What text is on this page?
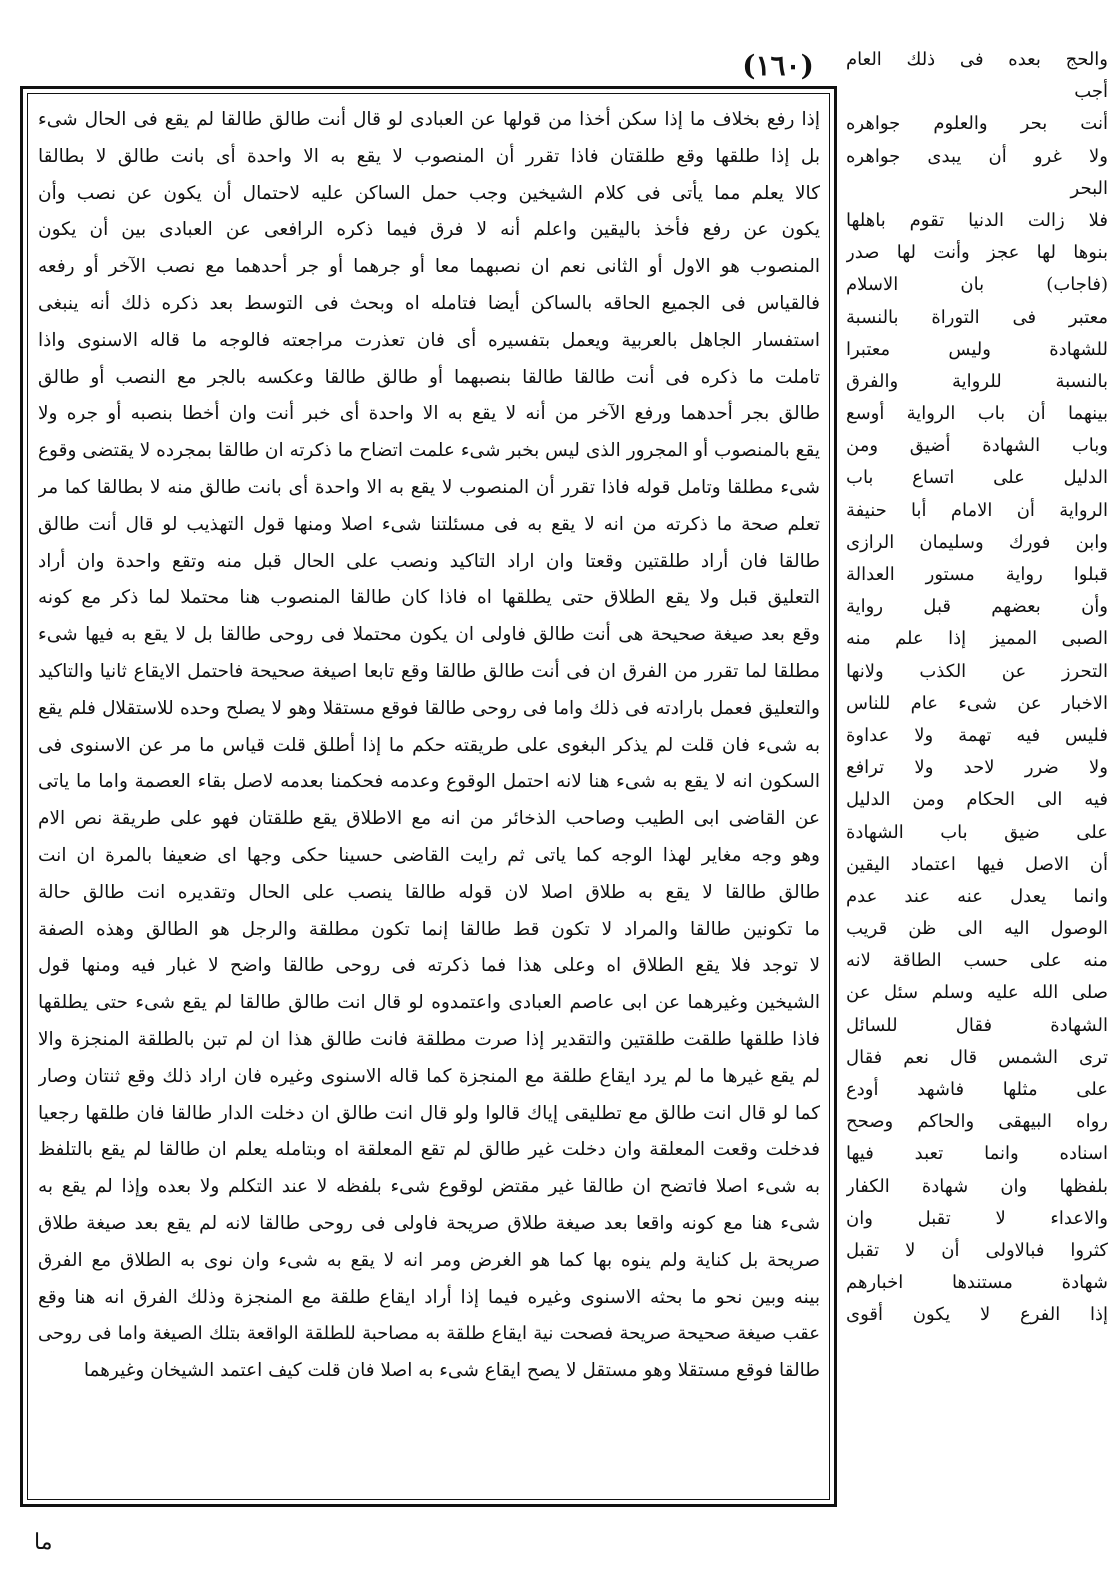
(١٦٠)
إذا رفع بخلاف ما إذا سكن أخذا من قولها عن العبادى لو قال أنت طالق طالقا لم يقع فى الحال شىء
بل إذا طلقها وقع طلقتان فاذا تقرر أن المنصوب لا يقع به الا واحدة أى بانت طالق لا بطالقا
كالا يعلم مما يأتى فى كلام الشيخين وجب حمل الساكن عليه لاحتمال أن يكون عن نصب وأن
يكون عن رفع فأخذ باليقين واعلم أنه لا فرق فيما ذكره الرافعى عن العبادى بين أن يكون
المنصوب هو الاول أو الثانى نعم ان نصبهما معا أو جرهما أو جر أحدهما مع نصب الآخر أو رفعه
فالقياس فى الجميع الحاقه بالساكن أيضا فتامله اه وبحث فى التوسط بعد ذكره ذلك أنه ينبغى
استفسار الجاهل بالعربية ويعمل بتفسيره أى فان تعذرت مراجعته فالوجه ما قاله الاسنوى واذا
تاملت ما ذكره فى أنت طالقا طالقا بنصبهما أو طالق طالقا وعكسه بالجر مع النصب أو طالق
طالق بجر أحدهما ورفع الآخر من أنه لا يقع به الا واحدة أى خبر أنت وان أخطا بنصبه أو جره ولا
يقع بالمنصوب أو المجرور الذى ليس بخبر شىء علمت اتضاح ما ذكرته ان طالقا بمجرده لا يقتضى وقوع
شىء مطلقا وتامل قوله فاذا تقرر أن المنصوب لا يقع به الا واحدة أى بانت طالق منه لا بطالقا كما مر
تعلم صحة ما ذكرته من انه لا يقع به فى مسئلتنا شىء اصلا ومنها قول التهذيب لو قال أنت طالق
طالقا فان أراد طلقتين وقعتا وان اراد التاكيد ونصب على الحال قبل منه وتقع واحدة وان أراد
التعليق قبل ولا يقع الطلاق حتى يطلقها اه فاذا كان طالقا المنصوب هنا محتملا لما ذكر مع كونه
وقع بعد صيغة صحيحة هى أنت طالق فاولى ان يكون محتملا فى روحى طالقا بل لا يقع به فيها شىء
مطلقا لما تقرر من الفرق ان فى أنت طالق طالقا وقع تابعا اصيغة صحيحة فاحتمل الايقاع ثانيا والتاكيد
والتعليق فعمل بارادته فى ذلك واما فى روحى طالقا فوقع مستقلا وهو لا يصلح وحده للاستقلال فلم يقع
به شىء فان قلت لم يذكر البغوى على طريقته حكم ما إذا أطلق قلت قياس ما مر عن الاسنوى فى
السكون انه لا يقع به شىء هنا لانه احتمل الوقوع وعدمه فحكمنا بعدمه لاصل بقاء العصمة واما ما ياتى
عن القاضى ابى الطيب وصاحب الذخائر من انه مع الاطلاق يقع طلقتان فهو على طريقة نص الام
وهو وجه مغاير لهذا الوجه كما ياتى ثم رايت القاضى حسينا حكى وجها اى ضعيفا بالمرة ان انت
طالق طالقا لا يقع به طلاق اصلا لان قوله طالقا ينصب على الحال وتقديره انت طالق حالة
ما تكونين طالقا والمراد لا تكون قط طالقا إنما تكون مطلقة والرجل هو الطالق وهذه الصفة
لا توجد فلا يقع الطلاق اه وعلى هذا فما ذكرته فى روحى طالقا واضح لا غبار فيه ومنها قول
الشيخين وغيرهما عن ابى عاصم العبادى واعتمدوه لو قال انت طالق طالقا لم يقع شىء حتى يطلقها
فاذا طلقها طلقت طلقتين والتقدير إذا صرت مطلقة فانت طالق هذا ان لم تبن بالطلقة المنجزة والا
لم يقع غيرها ما لم يرد ايقاع طلقة مع المنجزة كما قاله الاسنوى وغيره فان اراد ذلك وقع ثنتان وصار
كما لو قال انت طالق مع تطليقى إياك قالوا ولو قال انت طالق ان دخلت الدار طالقا فان طلقها رجعيا
فدخلت وقعت المعلقة وان دخلت غير طالق لم تقع المعلقة اه وبتامله يعلم ان طالقا لم يقع بالتلفظ
به شىء اصلا فاتضح ان طالقا غير مقتض لوقوع شىء بلفظه لا عند التكلم ولا بعده وإذا لم يقع به
شىء هنا مع كونه واقعا بعد صيغة طلاق صريحة فاولى فى روحى طالقا لانه لم يقع بعد صيغة طلاق
صريحة بل كناية ولم ينوه بها كما هو الغرض ومر انه لا يقع به شىء وان نوى به الطلاق مع الفرق
بينه وبين نحو ما بحثه الاسنوى وغيره فيما إذا أراد ايقاع طلقة مع المنجزة وذلك الفرق انه هنا وقع
عقب صيغة صحيحة صريحة فصحت نية ايقاع طلقة به مصاحبة للطلقة الواقعة بتلك الصيغة واما فى روحى
طالقا فوقع مستقلا وهو مستقل لا يصح ايقاع شىء به اصلا فان قلت كيف اعتمد الشيخان وغيرهما
والحج بعده فى ذلك العام
أجب
أنت بحر والعلوم جواهره
ولا غرو أن يبدى جواهره
البحر
فلا زالت الدنيا تقوم باهلها
بنوها لها عجز وأنت لها صدر
(فاجاب) بان الاسلام
معتبر فى التوراة بالنسبة
للشهادة وليس معتبرا
بالنسبة للرواية والفرق
بينهما أن باب الرواية أوسع
وباب الشهادة أضيق ومن
الدليل على اتساع باب
الرواية أن الامام أبا حنيفة
وابن فورك وسليمان الرازى
قبلوا رواية مستور العدالة
وأن بعضهم قبل رواية
الصبى المميز إذا علم منه
التحرز عن الكذب ولانها
الاخبار عن شىء عام للناس
فليس فيه تهمة ولا عداوة
ولا ضرر لاحد ولا ترافع
فيه الى الحكام ومن الدليل
على ضيق باب الشهادة
أن الاصل فيها اعتماد اليقين
وانما يعدل عنه عند عدم
الوصول اليه الى ظن قريب
منه على حسب الطاقة لانه
صلى الله عليه وسلم سئل عن
الشهادة فقال للسائل
ترى الشمس قال نعم فقال
على مثلها فاشهد أودع
رواه البيهقى والحاكم وصحح
اسناده وانما تعبد فيها
بلفظها وان شهادة الكفار
والاعداء لا تقبل وان
كثروا فبالاولى أن لا تقبل
شهادة مستندها اخبارهم
إذا الفرع لا يكون أقوى
ما
